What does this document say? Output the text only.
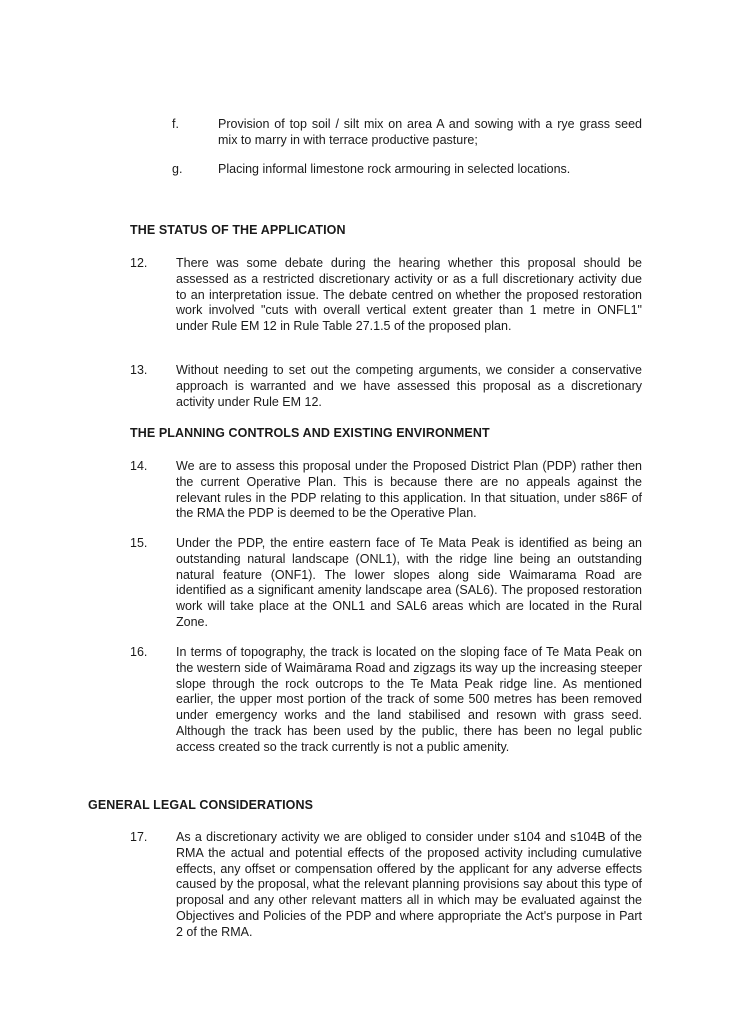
f.	Provision of top soil / silt mix on area A and sowing with a rye grass seed mix to marry in with terrace productive pasture;
g.	Placing informal limestone rock armouring in selected locations.
THE STATUS OF THE APPLICATION
12. There was some debate during the hearing whether this proposal should be assessed as a restricted discretionary activity or as a full discretionary activity due to an interpretation issue. The debate centred on whether the proposed restoration work involved "cuts with overall vertical extent greater than 1 metre in ONFL1" under Rule EM 12 in Rule Table 27.1.5 of the proposed plan.
13. Without needing to set out the competing arguments, we consider a conservative approach is warranted and we have assessed this proposal as a discretionary activity under Rule EM 12.
THE PLANNING CONTROLS AND EXISTING ENVIRONMENT
14. We are to assess this proposal under the Proposed District Plan (PDP) rather then the current Operative Plan. This is because there are no appeals against the relevant rules in the PDP relating to this application. In that situation, under s86F of the RMA the PDP is deemed to be the Operative Plan.
15. Under the PDP, the entire eastern face of Te Mata Peak is identified as being an outstanding natural landscape (ONL1), with the ridge line being an outstanding natural feature (ONF1). The lower slopes along side Waimarama Road are identified as a significant amenity landscape area (SAL6). The proposed restoration work will take place at the ONL1 and SAL6 areas which are located in the Rural Zone.
16. In terms of topography, the track is located on the sloping face of Te Mata Peak on the western side of Waimārama Road and zigzags its way up the increasing steeper slope through the rock outcrops to the Te Mata Peak ridge line. As mentioned earlier, the upper most portion of the track of some 500 metres has been removed under emergency works and the land stabilised and resown with grass seed. Although the track has been used by the public, there has been no legal public access created so the track currently is not a public amenity.
GENERAL LEGAL CONSIDERATIONS
17. As a discretionary activity we are obliged to consider under s104 and s104B of the RMA the actual and potential effects of the proposed activity including cumulative effects, any offset or compensation offered by the applicant for any adverse effects caused by the proposal, what the relevant planning provisions say about this type of proposal and any other relevant matters all in which may be evaluated against the Objectives and Policies of the PDP and where appropriate the Act's purpose in Part 2 of the RMA.
